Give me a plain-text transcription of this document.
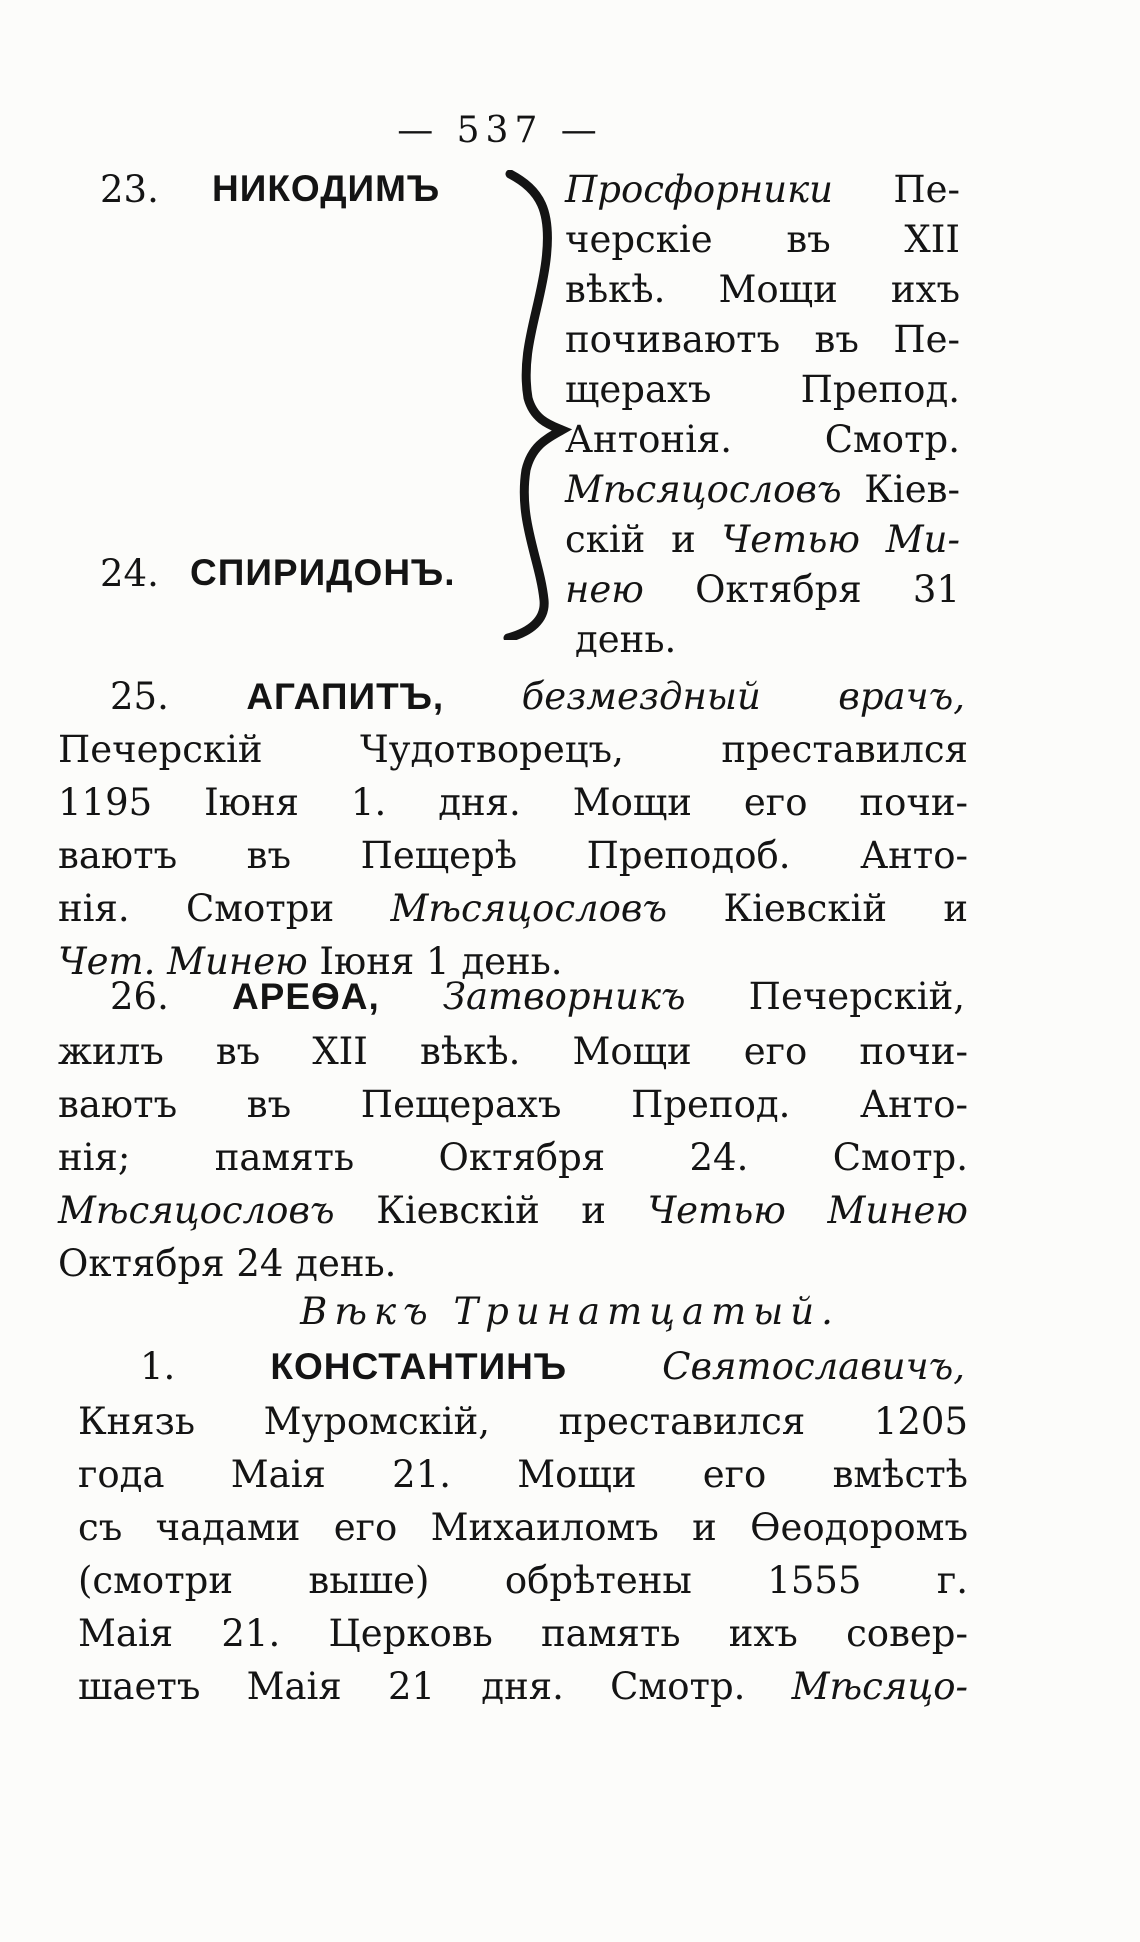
— 537 —
23. НИКОДИМЪ
24. СПИРИДОНЪ.
Просфорники Пе-
черскіе въ XII
вѣкѣ. Мощи ихъ
почиваютъ въ Пе-
щерахъ Препод.
Антонія. Смотр.
Мѣсяцословъ Кiев-
скій и Четью Ми-
нею Октября 31
день.
25. АГАПИТЪ, безмездный врачъ,
Печерскій Чудотворецъ, преставился
1195 Іюня 1. дня. Мощи его почи-
ваютъ въ Пещерѣ Преподоб. Анто-
нія. Смотри Мѣсяцословъ Кіевскій и
Чет. Минею Іюня 1 день.
26. АРЕѲА, Затворникъ Печерскій,
жилъ въ XII вѣкѣ. Мощи его почи-
ваютъ въ Пещерахъ Препод. Анто-
нія; память Октября 24. Смотр.
Мѣсяцословъ Кіевскій и Четью Минею
Октября 24 день.
Вѣкъ Тринатцатый.
1.	КОНСТАНТИНЪ	Святославичъ,
Князь Муромскій, преставился 1205
года Маія 21. Мощи его вмѣстѣ
съ чадами его Михаиломъ и Ѳеодоромъ
(смотри выше) обрѣтены 1555 г.
Маія 21. Церковь память ихъ совер-
шаетъ Маія 21 дня. Смотр. Мѣсяцо-
